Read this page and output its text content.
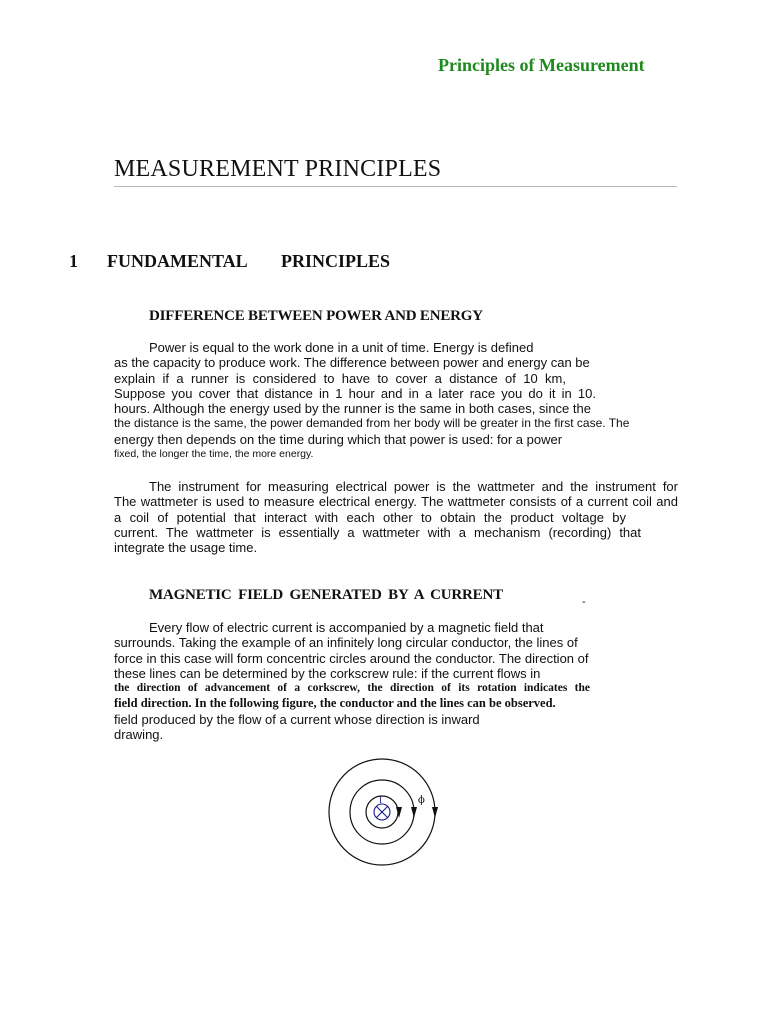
Principles of Measurement
MEASUREMENT PRINCIPLES
1 FUNDAMENTAL PRINCIPLES
DIFFERENCE BETWEEN POWER AND ENERGY
Power is equal to the work done in a unit of time. Energy is defined
as the capacity to produce work. The difference between power and energy can be
explain if a runner is considered to have to cover a distance of 10 km,
Suppose you cover that distance in 1 hour and in a later race you do it in 10.
hours. Although the energy used by the runner is the same in both cases, since the
the distance is the same, the power demanded from her body will be greater in the first case. The
energy then depends on the time during which that power is used: for a power
fixed, the longer the time, the more energy.
The instrument for measuring electrical power is the wattmeter and the instrument for
The wattmeter is used to measure electrical energy. The wattmeter consists of a current coil and
a coil of potential that interact with each other to obtain the product voltage by
current. The wattmeter is essentially a wattmeter with a mechanism (recording) that
integrate the usage time.
MAGNETIC FIELD GENERATED BY A CURRENT	-
Every flow of electric current is accompanied by a magnetic field that
surrounds. Taking the example of an infinitely long circular conductor, the lines of
force in this case will form concentric circles around the conductor. The direction of
these lines can be determined by the corkscrew rule: if the current flows in
the direction of advancement of a corkscrew, the direction of its rotation indicates the
field direction. In the following figure, the conductor and the lines can be observed.
field produced by the flow of a current whose direction is inward
drawing.
I	ϕ
